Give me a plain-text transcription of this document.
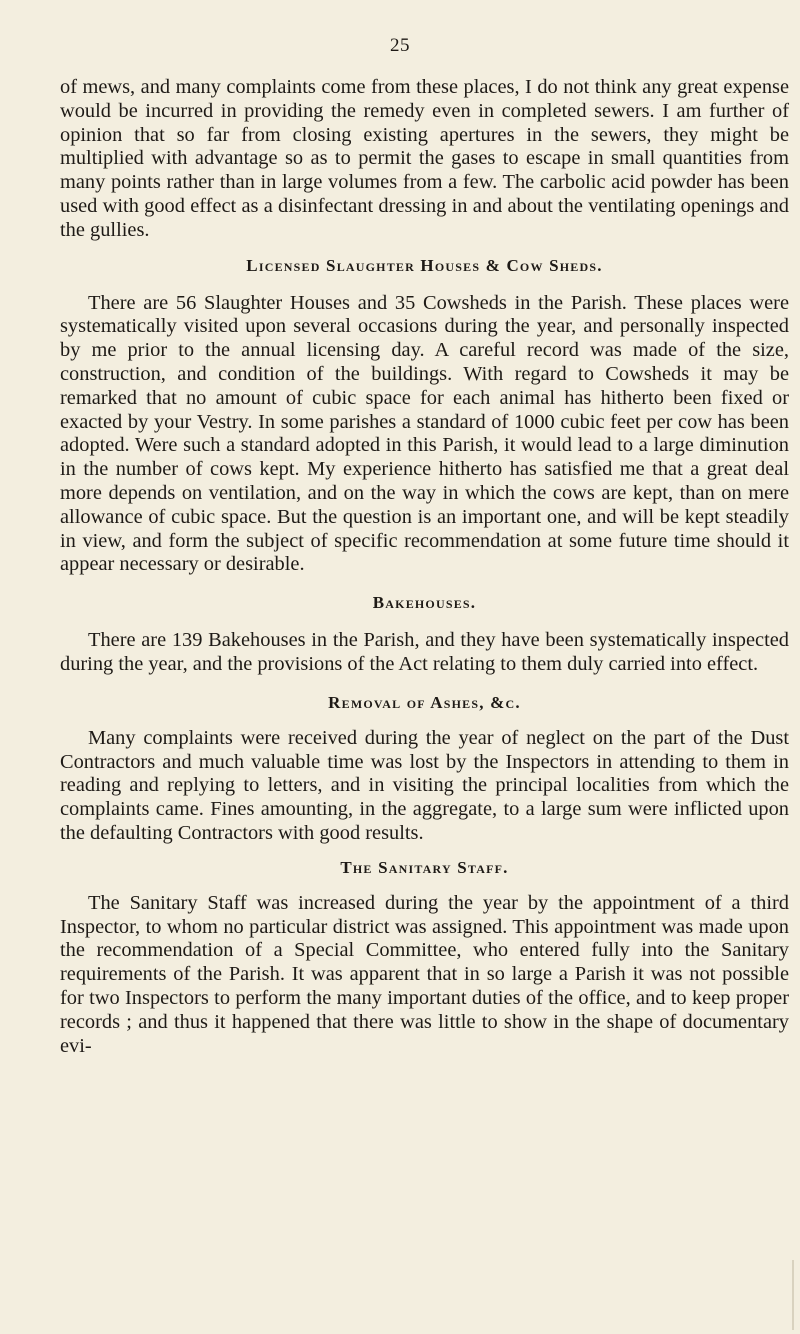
25

of mews, and many complaints come from these places, I do not think any great expense would be incurred in providing the remedy even in completed sewers. I am further of opinion that so far from closing existing apertures in the sewers, they might be multiplied with advantage so as to permit the gases to escape in small quantities from many points rather than in large volumes from a few. The carbolic acid powder has been used with good effect as a disinfectant dressing in and about the ventilating openings and the gullies.

Licensed Slaughter Houses & Cow Sheds.

There are 56 Slaughter Houses and 35 Cowsheds in the Parish. These places were systematically visited upon several occasions during the year, and personally inspected by me prior to the annual licensing day. A careful record was made of the size, construction, and condition of the buildings. With regard to Cowsheds it may be remarked that no amount of cubic space for each animal has hitherto been fixed or exacted by your Vestry. In some parishes a standard of 1000 cubic feet per cow has been adopted. Were such a standard adopted in this Parish, it would lead to a large diminution in the number of cows kept. My experience hitherto has satisfied me that a great deal more depends on ventilation, and on the way in which the cows are kept, than on mere allowance of cubic space. But the question is an important one, and will be kept steadily in view, and form the subject of specific recommendation at some future time should it appear necessary or desirable.

Bakehouses.

There are 139 Bakehouses in the Parish, and they have been systematically inspected during the year, and the provisions of the Act relating to them duly carried into effect.

Removal of Ashes, &c.

Many complaints were received during the year of neglect on the part of the Dust Contractors and much valuable time was lost by the Inspectors in attending to them in reading and replying to letters, and in visiting the principal localities from which the complaints came. Fines amounting, in the aggregate, to a large sum were inflicted upon the defaulting Contractors with good results.

The Sanitary Staff.

The Sanitary Staff was increased during the year by the appointment of a third Inspector, to whom no particular district was assigned. This appointment was made upon the recommendation of a Special Committee, who entered fully into the Sanitary requirements of the Parish. It was apparent that in so large a Parish it was not possible for two Inspectors to perform the many important duties of the office, and to keep proper records ; and thus it happened that there was little to show in the shape of documentary evi-
